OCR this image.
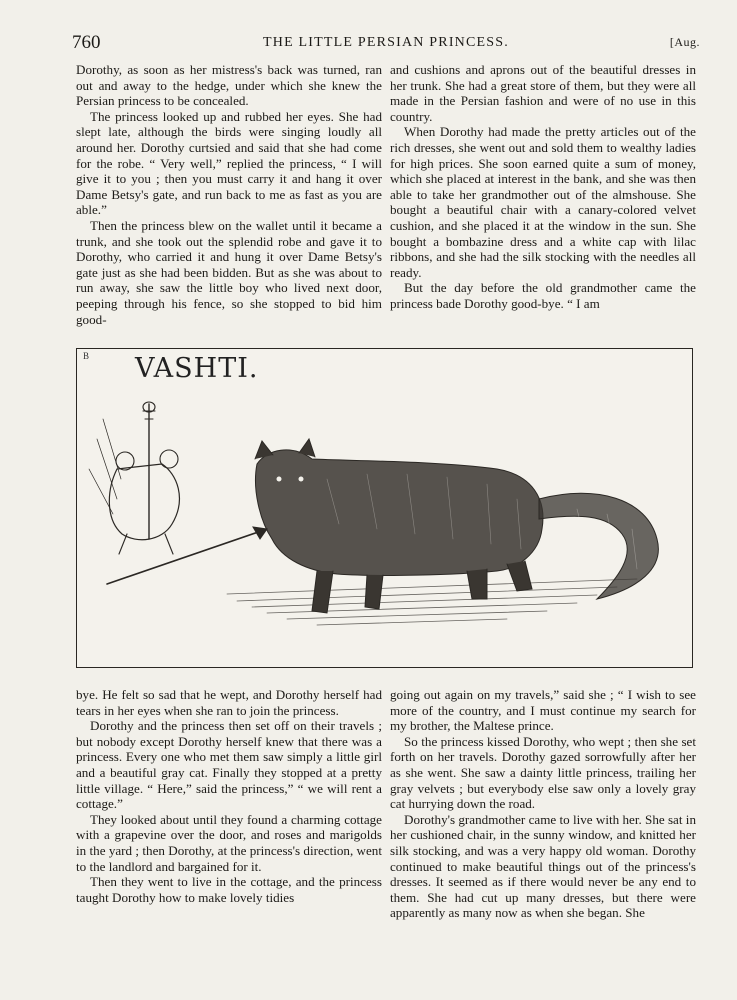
760	THE LITTLE PERSIAN PRINCESS.	[Aug.

Dorothy, as soon as her mistress's back was turned, ran out and away to the hedge, under which she knew the Persian princess to be concealed.

The princess looked up and rubbed her eyes. She had slept late, although the birds were singing loudly all around her. Dorothy curtsied and said that she had come for the robe. “ Very well,” replied the princess, “ I will give it to you ; then you must carry it and hang it over Dame Betsy's gate, and run back to me as fast as you are able.”

Then the princess blew on the wallet until it became a trunk, and she took out the splendid robe and gave it to Dorothy, who carried it and hung it over Dame Betsy's gate just as she had been bidden. But as she was about to run away, she saw the little boy who lived next door, peeping through his fence, so she stopped to bid him good-

and cushions and aprons out of the beautiful dresses in her trunk. She had a great store of them, but they were all made in the Persian fashion and were of no use in this country.

When Dorothy had made the pretty articles out of the rich dresses, she went out and sold them to wealthy ladies for high prices. She soon earned quite a sum of money, which she placed at interest in the bank, and she was then able to take her grandmother out of the almshouse. She bought a beautiful chair with a canary-colored velvet cushion, and she placed it at the window in the sun. She bought a bombazine dress and a white cap with lilac ribbons, and she had the silk stocking with the needles all ready.

But the day before the old grandmother came the princess bade Dorothy good-bye. “ I am

B VASHTI.

bye. He felt so sad that he wept, and Dorothy herself had tears in her eyes when she ran to join the princess.

Dorothy and the princess then set off on their travels ; but nobody except Dorothy herself knew that there was a princess. Every one who met them saw simply a little girl and a beautiful gray cat. Finally they stopped at a pretty little village. “ Here,” said the princess,” “ we will rent a cottage.”

They looked about until they found a charming cottage with a grapevine over the door, and roses and marigolds in the yard ; then Dorothy, at the princess's direction, went to the landlord and bargained for it.

Then they went to live in the cottage, and the princess taught Dorothy how to make lovely tidies

going out again on my travels,” said she ; “ I wish to see more of the country, and I must continue my search for my brother, the Maltese prince.

So the princess kissed Dorothy, who wept ; then she set forth on her travels. Dorothy gazed sorrowfully after her as she went. She saw a dainty little princess, trailing her gray velvets ; but everybody else saw only a lovely gray cat hurrying down the road.

Dorothy's grandmother came to live with her. She sat in her cushioned chair, in the sunny window, and knitted her silk stocking, and was a very happy old woman. Dorothy continued to make beautiful things out of the princess's dresses. It seemed as if there would never be any end to them. She had cut up many dresses, but there were apparently as many now as when she began. She
